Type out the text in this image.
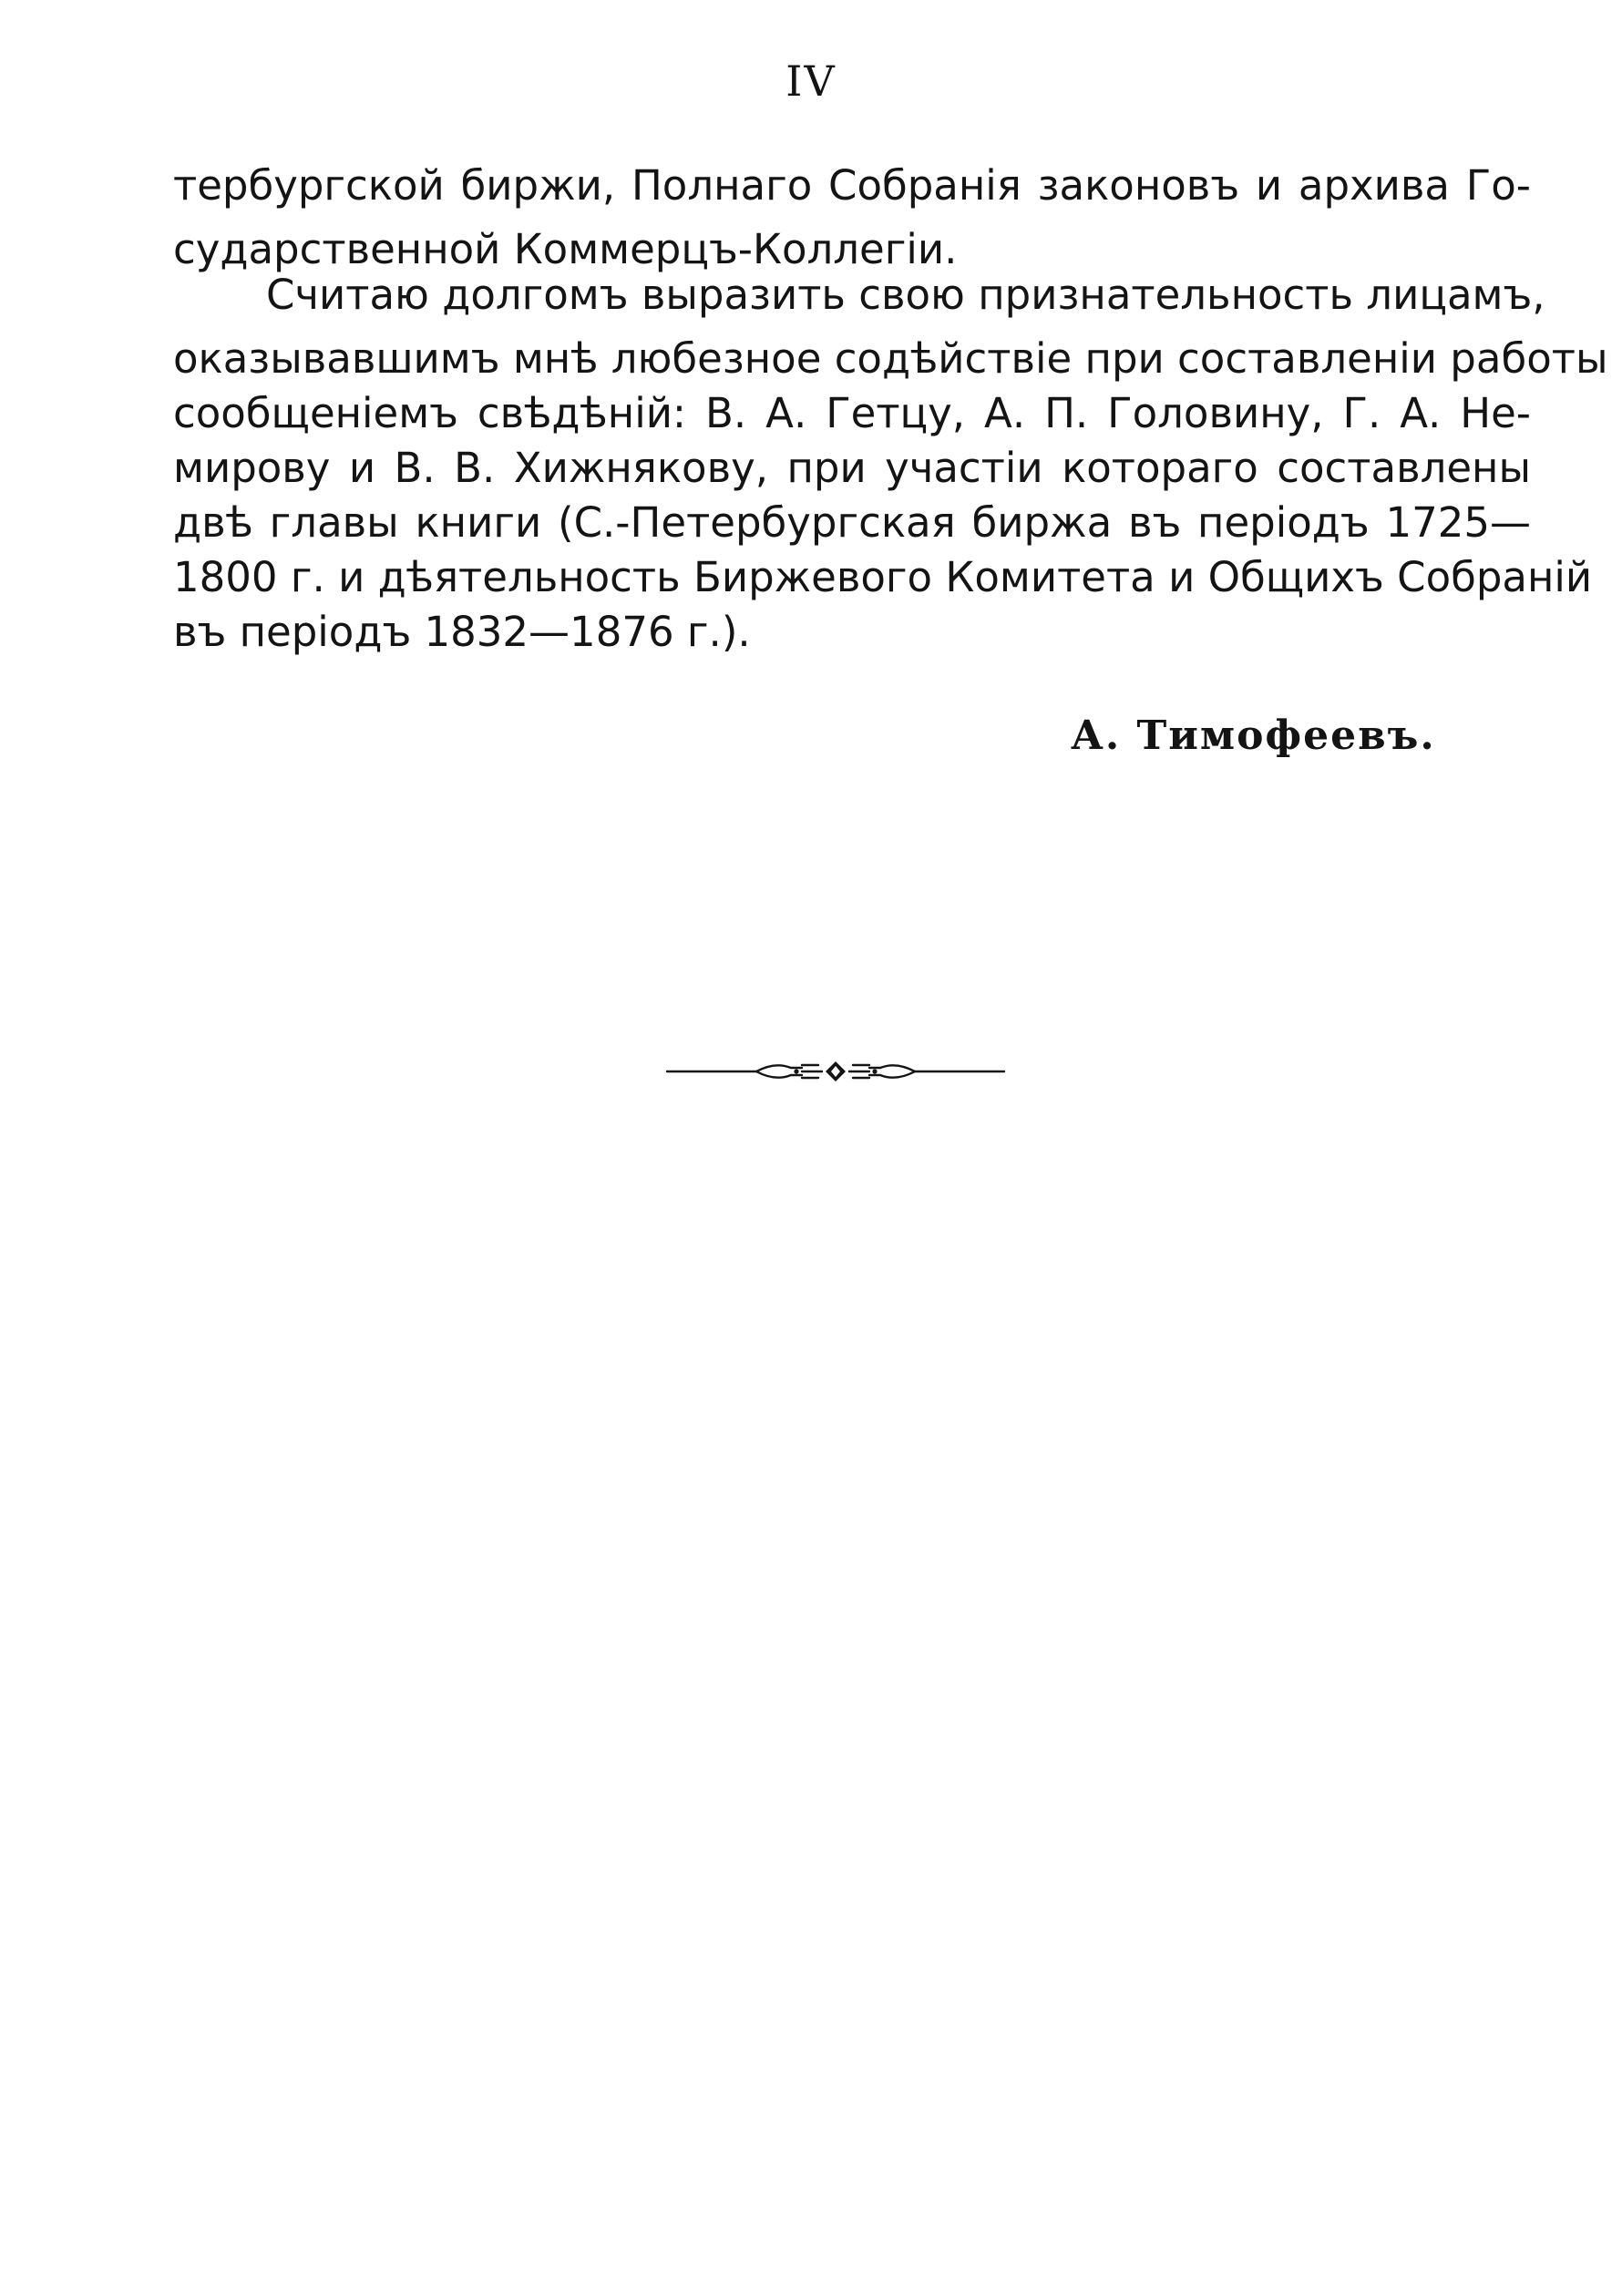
IV
тербургской биржи, Полнаго Собранія законовъ и архива Го-
сударственной Коммерцъ-Коллегіи.
Считаю долгомъ выразить свою признательность лицамъ,
оказывавшимъ мнѣ любезное содѣйствіе при составленіи работы
сообщеніемъ свѣдѣній: В. А. Гетцу, А. П. Головину, Г. А. Не-
мирову и В. В. Хижнякову, при участіи котораго составлены
двѣ главы книги (С.-Петербургская биржа въ періодъ 1725—
1800 г. и дѣятельность Биржевого Комитета и Общихъ Собраній
въ періодъ 1832—1876 г.).
А. Тимофеевъ.
